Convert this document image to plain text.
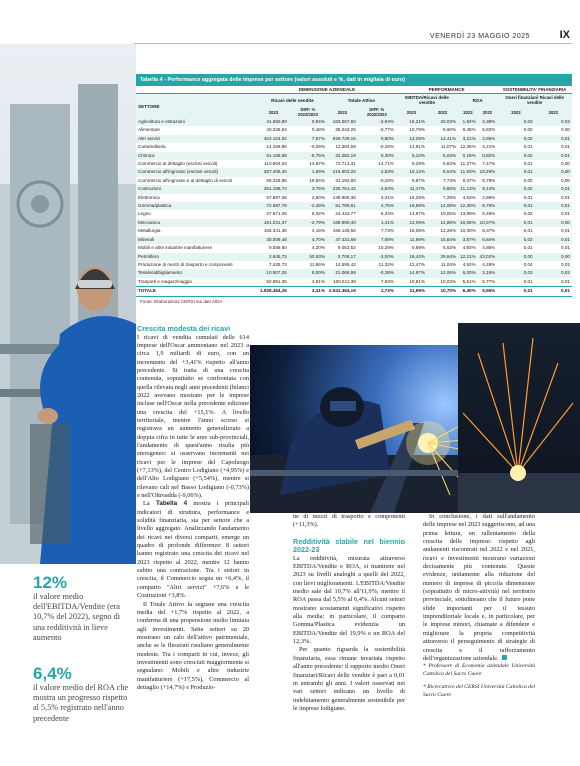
VENERDÌ 23 MAGGIO 2025	IX
Tabella 4 - Performance aggregata delle imprese per settore (valori assoluti e %, dati in migliaia di euro)
	DIMENSIONE AZIENDALE				PERFORMANCE				SOSTENIBILITA' FINANZIARIA	
SETTORE	Ricavi delle vendite		Totale Attivo		EBITDA/Ricavi delle vendite		ROA		Oneri finanziari/ Ricavi delle vendite	
	2023	DIFF. % 2022/2023	2023	DIFF. % 2022/2023	2023	2022	2023	2022	2023	2022
Agricoltura e estrazioni	41.690,80	0,94%	163.567,60	-2,94%	16,21%	20,03%	1,84%	2,38%	0,03	0,02
Alimentare	40.336,94	0,48%	35.043,25	-0,77%	10,79%	8,60%	8,45%	5,83%	0,00	0,00
Altri servizi	403.104,62	7,57%	929.739,16	0,80%	13,25%	12,41%	3,21%	2,85%	0,02	0,01
Carta/editoria	14.259,86	-0,09%	12.384,59	-0,26%	13,91%	11,07%	12,35%	4,21%	0,01	0,01
Chimica	61.155,68	-8,75%	34.282,19	0,30%	5,10%	5,04%	0,16%	0,82%	0,02	0,01
Commercio al dettaglio (esclusi veicoli)	110.604,04	13,87%	72.713,31	14,71%	9,29%	6,82%	11,37%	7,47%	0,01	0,00
Commercio all'ingrosso (esclusi veicoli)	287.406,40	1,69%	216.603,20	2,53%	10,12%	8,54%	11,63%	10,29%	0,01	0,00
Commercio all'ingrosso e al dettaglio di veicoli	56.326,86	18,84%	31.194,80	-0,20%	6,87%	7,73%	9,37%	8,79%	0,00	0,00
Costruzioni	261.188,74	3,75%	225.761,42	-2,64%	11,17%	9,85%	11,13%	9,14%	0,02	0,01
Elettronica	87.897,35	2,60%	138.809,38	3,31%	16,25%	7,28%	4,53%	2,88%	0,01	0,01
Gomma/plastica	72.687,76	-2,49%	81.789,61	4,75%	19,98%	14,08%	12,30%	8,76%	0,01	0,01
Legno	27.871,35	8,32%	24.433,77	6,34%	14,97%	10,05%	13,99%	8,48%	0,02	0,01
Meccanica	161.231,37	-2,79%	168.990,40	1,41%	13,09%	12,88%	10,06%	10,07%	0,01	0,00
Metallurgia	155.341,36	4,16%	166.148,56	7,73%	15,08%	12,28%	10,30%	8,37%	0,01	0,01
Minerali	30.009,48	4,70%	47.431,69	7,68%	11,99%	15,84%	3,87%	6,84%	0,02	0,01
Mobili e altre industrie manifatturiere	9.589,60	4,20%	9.053,52	10,29%	9,69%	6,52%	4,93%	4,86%	0,01	0,01
Petrolifero	2.845,73	50,53%	3.706,17	-3,00%	19,42%	29,64%	12,21%	43,02%	0,00	0,00
Produzione di mezzi di trasporto e componenti	7.425,73	11,86%	14.595,42	11,32%	12,47%	11,04%	4,92%	4,48%	0,04	0,02
Tessile/abbigliamento	10.507,25	9,00%	21.066,99	-0,38%	14,87%	12,06%	6,00%	3,16%	0,03	0,02
Trasporti e magazzinaggio	82.991,35	4,61%	100.511,38	7,83%	10,81%	10,03%	5,51%	5,77%	0,01	0,01
TOTALE	1.928.464,26	3,41%	2.541.454,19	1,73%	11,99%	10,70%	6,40%	5,55%	0,01	0,01
Fonte: Elaborazioni CERSI sui dati AIDA
Crescita modesta dei ricavi

I ricavi di vendita cumulati delle 614 imprese dell'Oscar ammontano nel 2023 a circa 1,9 miliardi di euro, con un incremento del +3,41% rispetto all'anno precedente. Si tratta di una crescita contenuta, soprattutto se confrontata con quella rilevata negli anni precedenti (bilanci 2022 avevano mostrato per le imprese incluse nell'Oscar nella precedente edizione una crescita del +15,1%. A livello territoriale, mentre l'anno scorso si registrava un aumento generalizzato a doppia cifra in tutte le aree sub-provinciali, l'andamento di quest'anno risulta più eterogeneo: si osservano incrementi nei ricavi per le imprese del Capoluogo (+7,13%), del Centro Lodigiano (+4,95%) e dell'Alto Lodigiano (+5,54%), mentre si rilevano cali nel Basso Lodigiano (-0,73%) e nell'Oltreadda (-9,06%).

La Tabella 4 mostra i principali indicatori di struttura, performance e solidità finanziaria, sia per settore che a livello aggregato. Analizzando l'andamento dei ricavi nei diversi comparti, emerge un quadro di profonde differenze: 8 settori hanno registrato una crescita dei ricavi nel 2023 rispetto al 2022, mentre 12 hanno subito una contrazione. Tra i settori in crescita, il Commercio segna un +6,4%, il comparto "Altri servizi" +7,6% e le Costruzioni +3,8%.

Il Totale Attivo fa segnare una crescita media del +1,7% rispetto al 2022, a conferma di una propensione molto limitata agli investimenti. Sette settori su 20 mostrano un calo dell'attivo patrimoniale, anche se le flessioni risultano generalmente modeste. Tra i comparti in cui, invece, gli investimenti sono cresciuti maggiormente si segnalano: Mobili e altre industrie manifatturiere (+17,5%), Commercio al dettaglio (+14,7%) e Produzio-

12%
il valore medio dell'EBITDA/Vendite (era 10,7% del 2022), segno di una redditività in lieve aumento
6,4%
il valore medio del ROA che mostra un progresso rispetto al 5,5% registrato nell'anno precedente

ne di mezzi di trasporto e componenti (+11,3%).

Redditività stabile nel biennio 2022-23

La redditività, misurata attraverso EBITDA/Vendite e ROA, si mantiene nel 2023 su livelli analoghi a quelli del 2022, con lievi miglioramenti. L'EBITDA/Vendite medio sale dal 10,7% all'11,9%, mentre il ROA passa dal 5,5% al 6,4%. Alcuni settori mostrano scostamenti significativi rispetto alla media: in particolare, il comparto Gomma/Plastica evidenzia un EBITDA/Vendite del 19,9% e un ROA del 12,3%.

Per quanto riguarda la sostenibilità finanziaria, essa rimane invariata rispetto all'anno precedente: il rapporto medio Oneri finanziari/Ricavi delle vendite è pari a 0,01 in entrambi gli anni. I valori osservati nei vari settori indicano un livello di indebitamento generalmente sostenibile per le imprese lodigiane.

In conclusione, i dati sull'andamento delle imprese nel 2023 suggeriscono, ad una prima lettura, un rallentamento della crescita delle imprese: rispetto agli andamenti riscontrati nel 2022 e nel 2021, ricavi e investimenti mostrano variazioni decisamente più contenute. Queste evidenze, unitamente alla riduzione del numero di imprese di piccola dimensione (soprattutto di micro-attività) nel territorio provinciale, sottolineano che il futuro pone sfide importanti per il tessuto imprenditoriale locale e, in particolare, per le imprese minori, chiamate a difendere e migliorare la propria competitività attraverso il perseguimento di strategie di crescita e il rafforzamento dell'organizzazione aziendale.

* Professore di Economia aziendale Università Cattolica del Sacro Cuore

* Ricercatrice del CERSI Università Cattolica del Sacro Cuore
